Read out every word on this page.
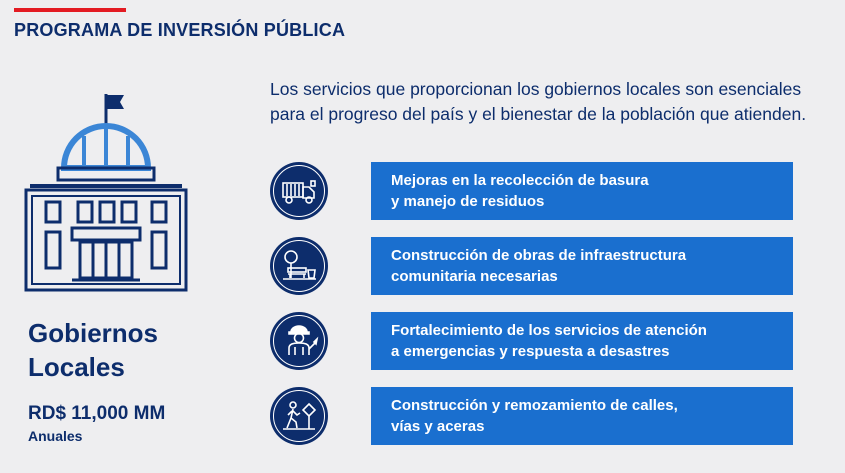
PROGRAMA DE INVERSIÓN PÚBLICA
Gobiernos
Locales
RD$ 11,000 MM
Anuales
Los servicios que proporcionan los gobiernos locales son esenciales
para el progreso del país y el bienestar de la población que atienden.
Mejoras en la recolección de basura
y manejo de residuos
Construcción de obras de infraestructura
comunitaria necesarias
Fortalecimiento de los servicios de atención
a emergencias y respuesta a desastres
Construcción y remozamiento de calles,
vías y aceras
